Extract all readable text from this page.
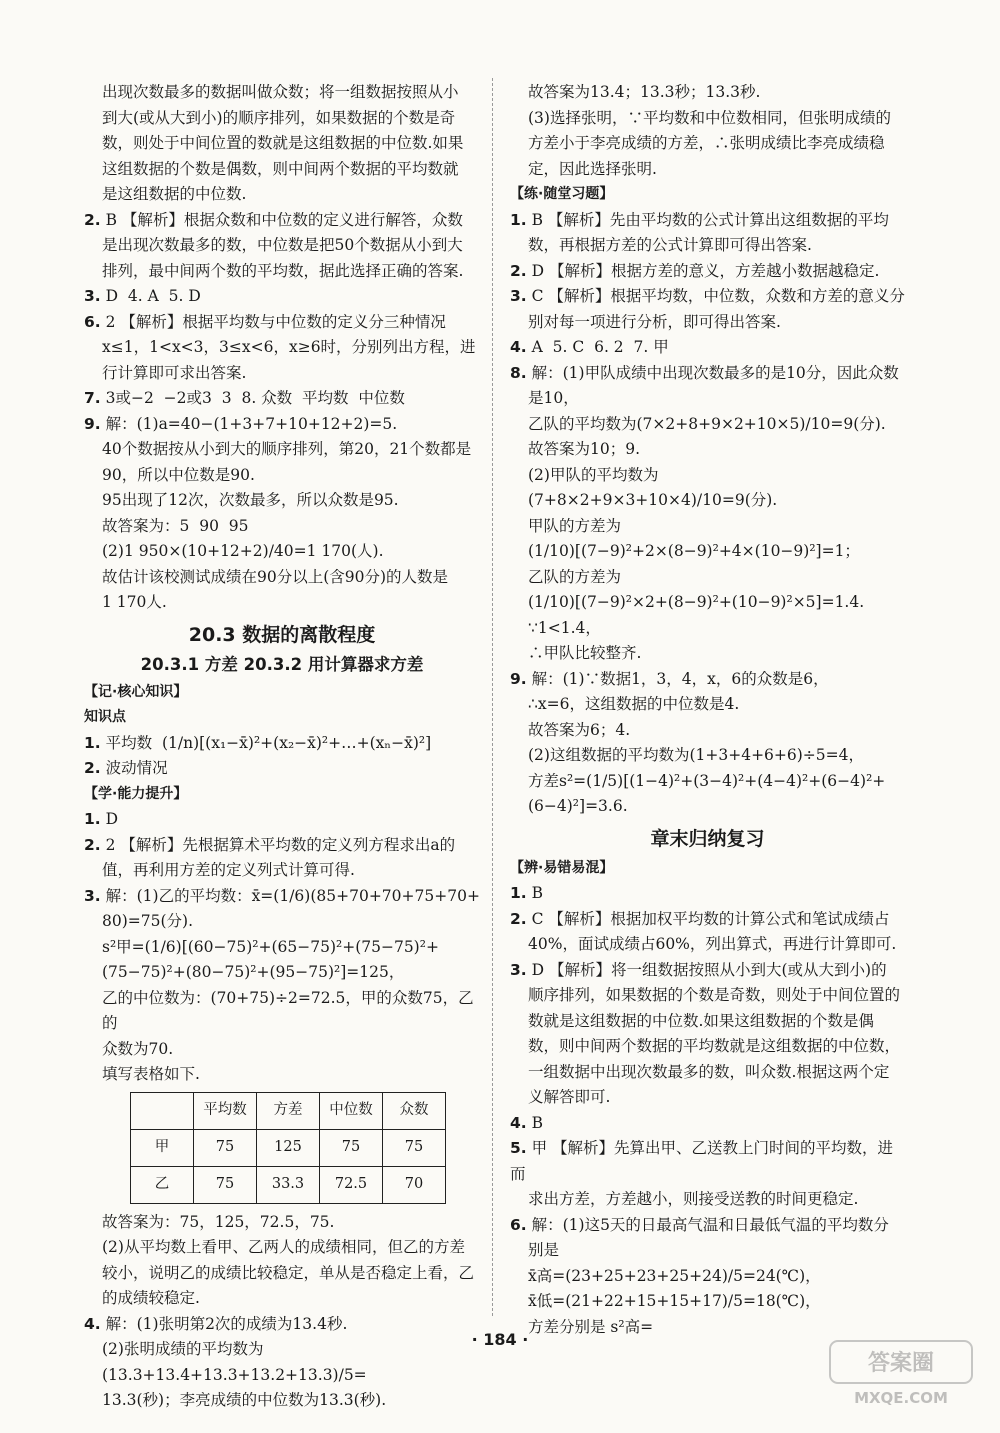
出现次数最多的数据叫做众数；将一组数据按照从小
到大(或从大到小)的顺序排列，如果数据的个数是奇
数，则处于中间位置的数就是这组数据的中位数.如果
这组数据的个数是偶数，则中间两个数据的平均数就
是这组数据的中位数.
2. B 【解析】根据众数和中位数的定义进行解答，众数
是出现次数最多的数，中位数是把50个数据从小到大
排列，最中间两个数的平均数，据此选择正确的答案.
3. D  4. A  5. D
6. 2 【解析】根据平均数与中位数的定义分三种情况
x≤1，1<x<3，3≤x<6，x≥6时，分别列出方程，进
行计算即可求出答案.
7. 3或−2  −2或3  3  8. 众数  平均数  中位数
9. 解：(1)a=40−(1+3+7+10+12+2)=5.
40个数据按从小到大的顺序排列，第20，21个数都是
90，所以中位数是90.
95出现了12次，次数最多，所以众数是95.
故答案为：5  90  95
(2)1 950×(10+12+2)/40=1 170(人).
故估计该校测试成绩在90分以上(含90分)的人数是
1 170人.
20.3 数据的离散程度
20.3.1 方差 20.3.2 用计算器求方差
【记·核心知识】
知识点
1. 平均数  (1/n)[(x₁−x̄)²+(x₂−x̄)²+…+(xₙ−x̄)²]
2. 波动情况
【学·能力提升】
1. D
2. 2 【解析】先根据算术平均数的定义列方程求出a的
值，再利用方差的定义列式计算可得.
3. 解：(1)乙的平均数：x̄=(1/6)(85+70+70+75+70+
80)=75(分).
s²甲=(1/6)[(60−75)²+(65−75)²+(75−75)²+
(75−75)²+(80−75)²+(95−75)²]=125，
乙的中位数为：(70+75)÷2=72.5，甲的众数75，乙的
众数为70.
填写表格如下.
	平均数	方差	中位数	众数
甲	75	125	75	75
乙	75	33.3	72.5	70
故答案为：75，125，72.5，75.
(2)从平均数上看甲、乙两人的成绩相同，但乙的方差
较小，说明乙的成绩比较稳定，单从是否稳定上看，乙
的成绩较稳定.
4. 解：(1)张明第2次的成绩为13.4秒.
(2)张明成绩的平均数为(13.3+13.4+13.3+13.2+13.3)/5=
13.3(秒)；李亮成绩的中位数为13.3(秒).
故答案为13.4；13.3秒；13.3秒.
(3)选择张明，∵平均数和中位数相同，但张明成绩的
方差小于李亮成绩的方差，∴张明成绩比李亮成绩稳
定，因此选择张明.
【练·随堂习题】
1. B 【解析】先由平均数的公式计算出这组数据的平均
数，再根据方差的公式计算即可得出答案.
2. D 【解析】根据方差的意义，方差越小数据越稳定.
3. C 【解析】根据平均数，中位数，众数和方差的意义分
别对每一项进行分析，即可得出答案.
4. A  5. C  6. 2  7. 甲
8. 解：(1)甲队成绩中出现次数最多的是10分，因此众数
是10，
乙队的平均数为(7×2+8+9×2+10×5)/10=9(分).
故答案为10；9.
(2)甲队的平均数为(7+8×2+9×3+10×4)/10=9(分).
甲队的方差为
(1/10)[(7−9)²+2×(8−9)²+4×(10−9)²]=1；
乙队的方差为
(1/10)[(7−9)²×2+(8−9)²+(10−9)²×5]=1.4.
∵1<1.4，
∴甲队比较整齐.
9. 解：(1)∵数据1，3，4，x，6的众数是6，
∴x=6，这组数据的中位数是4.
故答案为6；4.
(2)这组数据的平均数为(1+3+4+6+6)÷5=4，
方差s²=(1/5)[(1−4)²+(3−4)²+(4−4)²+(6−4)²+
(6−4)²]=3.6.
章末归纳复习
【辨·易错易混】
1. B
2. C 【解析】根据加权平均数的计算公式和笔试成绩占
40%，面试成绩占60%，列出算式，再进行计算即可.
3. D 【解析】将一组数据按照从小到大(或从大到小)的
顺序排列，如果数据的个数是奇数，则处于中间位置的
数就是这组数据的中位数.如果这组数据的个数是偶
数，则中间两个数据的平均数就是这组数据的中位数，
一组数据中出现次数最多的数，叫众数.根据这两个定
义解答即可.
4. B
5. 甲 【解析】先算出甲、乙送教上门时间的平均数，进而
求出方差，方差越小，则接受送教的时间更稳定.
6. 解：(1)这5天的日最高气温和日最低气温的平均数分
别是
x̄高=(23+25+23+25+24)/5=24(℃)，
x̄低=(21+22+15+15+17)/5=18(℃)，
方差分别是 s²高=
· 184 ·
答案圈
MXQE.COM
